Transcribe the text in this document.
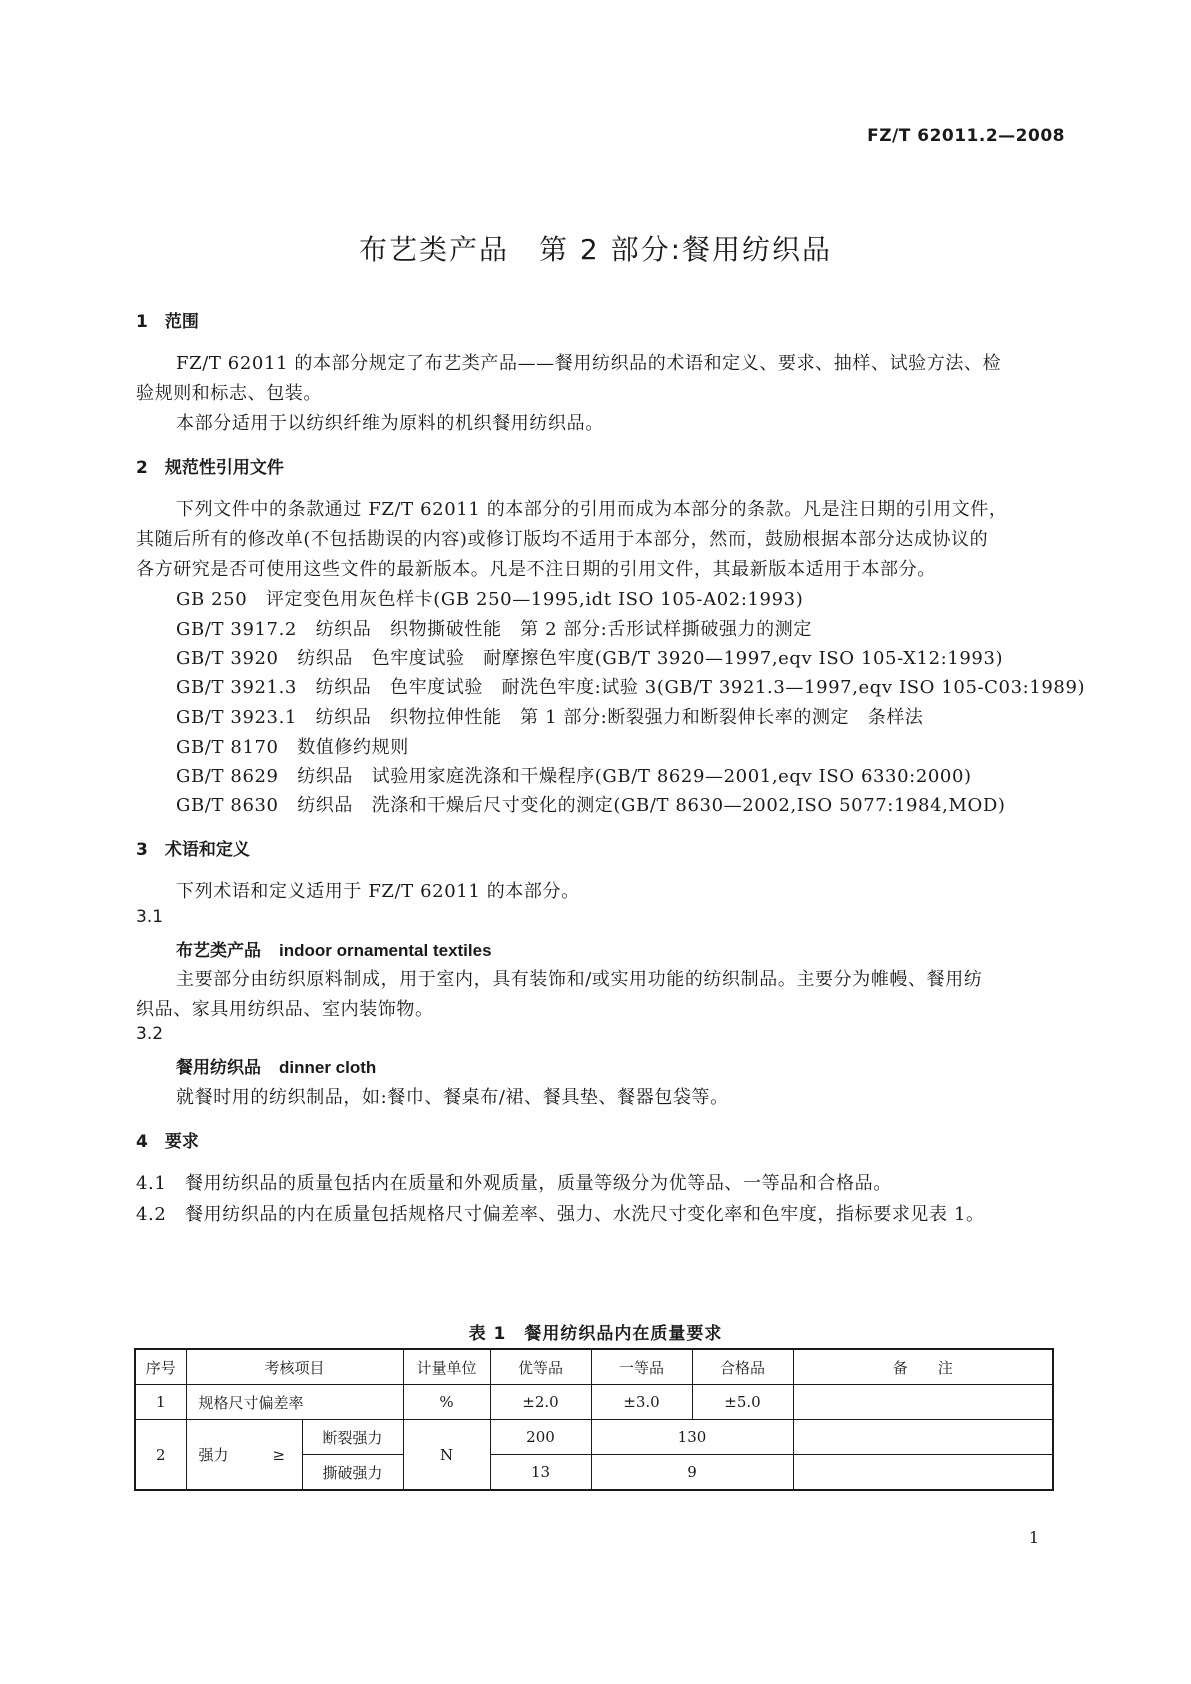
FZ/T 62011.2—2008
布艺类产品　第 2 部分:餐用纺织品
1　范围
FZ/T 62011 的本部分规定了布艺类产品——餐用纺织品的术语和定义、要求、抽样、试验方法、检
验规则和标志、包装。
本部分适用于以纺织纤维为原料的机织餐用纺织品。
2　规范性引用文件
下列文件中的条款通过 FZ/T 62011 的本部分的引用而成为本部分的条款。凡是注日期的引用文件，
其随后所有的修改单(不包括勘误的内容)或修订版均不适用于本部分，然而，鼓励根据本部分达成协议的
各方研究是否可使用这些文件的最新版本。凡是不注日期的引用文件，其最新版本适用于本部分。
GB 250　评定变色用灰色样卡(GB 250—1995,idt ISO 105-A02:1993)
GB/T 3917.2　纺织品　织物撕破性能　第 2 部分:舌形试样撕破强力的测定
GB/T 3920　纺织品　色牢度试验　耐摩擦色牢度(GB/T 3920—1997,eqv ISO 105-X12:1993)
GB/T 3921.3　纺织品　色牢度试验　耐洗色牢度:试验 3(GB/T 3921.3—1997,eqv ISO 105-C03:1989)
GB/T 3923.1　纺织品　织物拉伸性能　第 1 部分:断裂强力和断裂伸长率的测定　条样法
GB/T 8170　数值修约规则
GB/T 8629　纺织品　试验用家庭洗涤和干燥程序(GB/T 8629—2001,eqv ISO 6330:2000)
GB/T 8630　纺织品　洗涤和干燥后尺寸变化的测定(GB/T 8630—2002,ISO 5077:1984,MOD)
3　术语和定义
下列术语和定义适用于 FZ/T 62011 的本部分。
3.1
布艺类产品 indoor ornamental textiles
主要部分由纺织原料制成，用于室内，具有装饰和/或实用功能的纺织制品。主要分为帷幔、餐用纺
织品、家具用纺织品、室内装饰物。
3.2
餐用纺织品 dinner cloth
就餐时用的纺织制品，如:餐巾、餐桌布/裙、餐具垫、餐器包袋等。
4　要求
4.1　餐用纺织品的质量包括内在质量和外观质量，质量等级分为优等品、一等品和合格品。
4.2　餐用纺织品的内在质量包括规格尺寸偏差率、强力、水洗尺寸变化率和色牢度，指标要求见表 1。
表 1　餐用纺织品内在质量要求
序号	考核项目		计量单位	优等品	一等品	合格品	备　　注
1	规格尺寸偏差率		%	±2.0	±3.0	±5.0	
2	强力 ≥	断裂强力	N	200	130		
		撕破强力		13	9		
1
